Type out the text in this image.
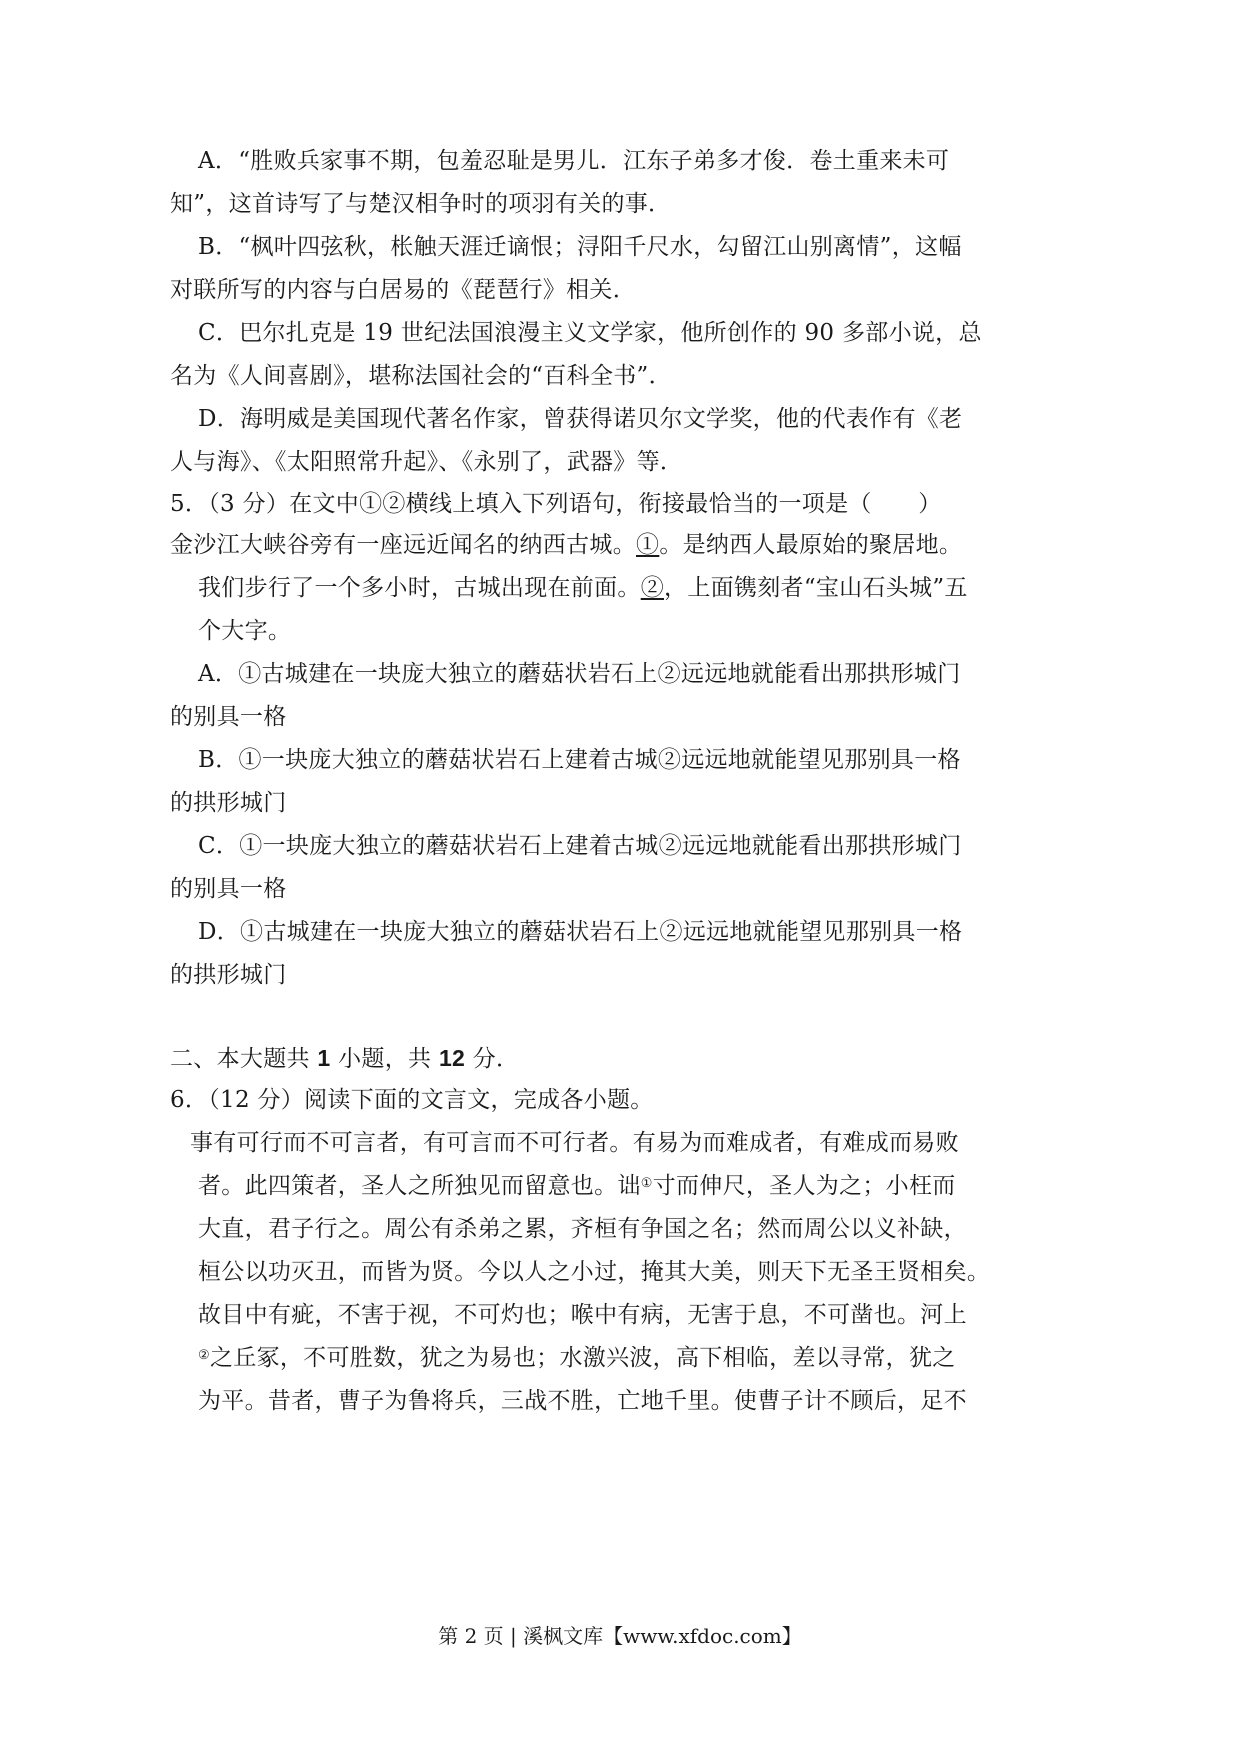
A．“胜败兵家事不期，包羞忍耻是男儿．江东子弟多才俊．卷土重来未可
知”，这首诗写了与楚汉相争时的项羽有关的事．
B．“枫叶四弦秋，枨触天涯迁谪恨；浔阳千尺水，勾留江山别离情”，这幅
对联所写的内容与白居易的《琵琶行》相关．
C．巴尔扎克是 19 世纪法国浪漫主义文学家，他所创作的 90 多部小说，总
名为《人间喜剧》，堪称法国社会的“百科全书”．
D．海明威是美国现代著名作家，曾获得诺贝尔文学奖，他的代表作有《老
人与海》、《太阳照常升起》、《永别了，武器》等．
5．（3 分）在文中①②横线上填入下列语句，衔接最恰当的一项是（　　）
金沙江大峡谷旁有一座远近闻名的纳西古城。①。是纳西人最原始的聚居地。
我们步行了一个多小时，古城出现在前面。②，上面镌刻者“宝山石头城”五
个大字。
A．①古城建在一块庞大独立的蘑菇状岩石上②远远地就能看出那拱形城门
的别具一格
B．①一块庞大独立的蘑菇状岩石上建着古城②远远地就能望见那别具一格
的拱形城门
C．①一块庞大独立的蘑菇状岩石上建着古城②远远地就能看出那拱形城门
的别具一格
D．①古城建在一块庞大独立的蘑菇状岩石上②远远地就能望见那别具一格
的拱形城门
二、本大题共 1 小题，共 12 分．
6．（12 分）阅读下面的文言文，完成各小题。
事有可行而不可言者，有可言而不可行者。有易为而难成者，有难成而易败
者。此四策者，圣人之所独见而留意也。诎①寸而伸尺，圣人为之；小枉而
大直，君子行之。周公有杀弟之累，齐桓有争国之名；然而周公以义补缺，
桓公以功灭丑，而皆为贤。今以人之小过，掩其大美，则天下无圣王贤相矣。
故目中有疵，不害于视，不可灼也；喉中有病，无害于息，不可凿也。河上
②之丘冢，不可胜数，犹之为易也；水激兴波，高下相临，差以寻常，犹之
为平。昔者，曹子为鲁将兵，三战不胜，亡地千里。使曹子计不顾后，足不
第 2 页 | 溪枫文库【www.xfdoc.com】
